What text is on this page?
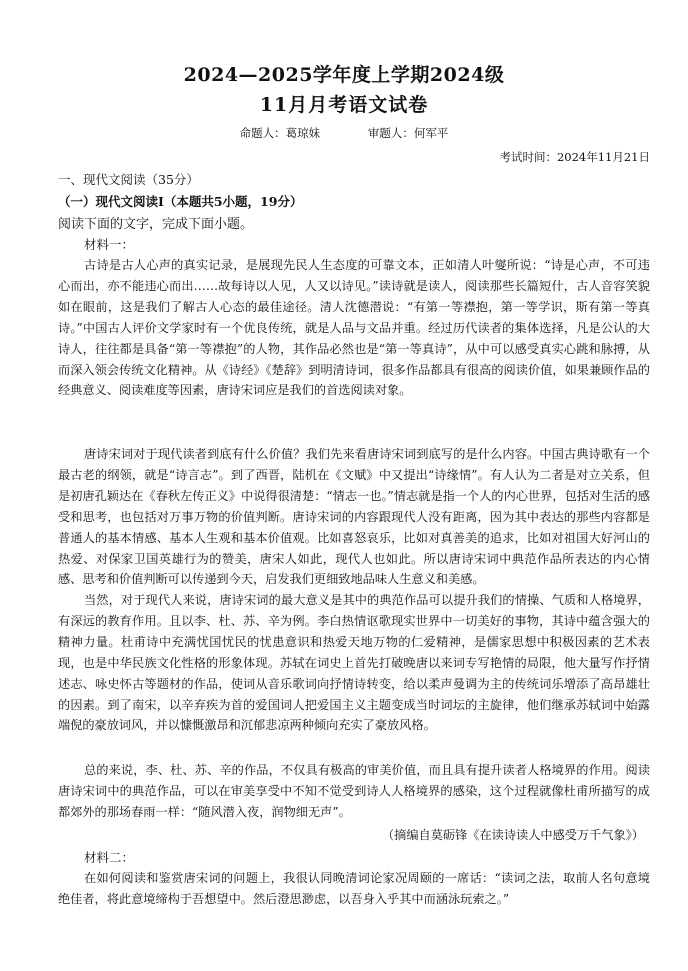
2024—2025学年度上学期2024级
11月月考语文试卷
命题人：葛琼妹	审题人：何军平
考试时间：2024年11月21日
一、现代文阅读（35分）
（一）现代文阅读Ⅰ（本题共5小题，19分）
阅读下面的文字，完成下面小题。
材料一：

古诗是古人心声的真实记录，是展现先民人生态度的可靠文本，正如清人叶燮所说：“诗是心声，不可违心而出，亦不能违心而出……故每诗以人见，人又以诗见。”读诗就是读人，阅读那些长篇短什，古人音容笑貌如在眼前，这是我们了解古人心态的最佳途径。清人沈德潜说：“有第一等襟抱，第一等学识，斯有第一等真诗。”中国古人评价文学家时有一个优良传统，就是人品与文品并重。经过历代读者的集体选择，凡是公认的大诗人，往往都是具备“第一等襟抱”的人物，其作品必然也是“第一等真诗”，从中可以感受真实心跳和脉搏，从而深入领会传统文化精神。从《诗经》《楚辞》到明清诗词，很多作品都具有很高的阅读价值，如果兼顾作品的经典意义、阅读难度等因素，唐诗宋词应是我们的首选阅读对象。

唐诗宋词对于现代读者到底有什么价值？我们先来看唐诗宋词到底写的是什么内容。中国古典诗歌有一个最古老的纲领，就是“诗言志”。到了西晋，陆机在《文赋》中又提出“诗缘情”。有人认为二者是对立关系，但是初唐孔颖达在《春秋左传正义》中说得很清楚：“情志一也。”情志就是指一个人的内心世界，包括对生活的感受和思考，也包括对万事万物的价值判断。唐诗宋词的内容跟现代人没有距离，因为其中表达的那些内容都是普通人的基本情感、基本人生观和基本价值观。比如喜怒哀乐，比如对真善美的追求，比如对祖国大好河山的热爱、对保家卫国英雄行为的赞美，唐宋人如此，现代人也如此。所以唐诗宋词中典范作品所表达的内心情感、思考和价值判断可以传递到今天，启发我们更细致地品味人生意义和美感。

当然，对于现代人来说，唐诗宋词的最大意义是其中的典范作品可以提升我们的情操、气质和人格境界，有深远的教育作用。且以李、杜、苏、辛为例。李白热情讴歌现实世界中一切美好的事物，其诗中蕴含强大的精神力量。杜甫诗中充满忧国忧民的忧患意识和热爱天地万物的仁爱精神，是儒家思想中积极因素的艺术表现，也是中华民族文化性格的形象体现。苏轼在词史上首先打破晚唐以来词专写艳情的局限，他大量写作抒情述志、咏史怀古等题材的作品，使词从音乐歌词向抒情诗转变，给以柔声曼调为主的传统词乐增添了高昂雄壮的因素。到了南宋，以辛弃疾为首的爱国词人把爱国主义主题变成当时词坛的主旋律，他们继承苏轼词中始露端倪的豪放词风，并以慷慨激昂和沉郁悲凉两种倾向充实了豪放风格。

总的来说，李、杜、苏、辛的作品，不仅具有极高的审美价值，而且具有提升读者人格境界的作用。阅读唐诗宋词中的典范作品，可以在审美享受中不知不觉受到诗人人格境界的感染，这个过程就像杜甫所描写的成都郊外的那场春雨一样：“随风潜入夜，润物细无声”。

（摘编自莫砺锋《在读诗读人中感受万千气象》）
材料二：

在如何阅读和鉴赏唐宋词的问题上，我很认同晚清词论家况周颐的一席话：“读词之法，取前人名句意境绝佳者，将此意境缔构于吾想望中。然后澄思渺虑，以吾身入乎其中而涵泳玩索之。”
